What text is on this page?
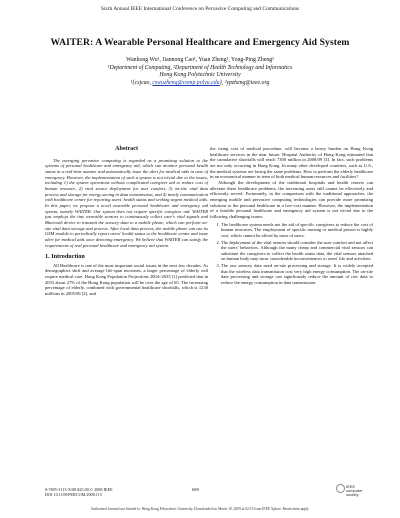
Sixth Annual IEEE International Conference on Pervasive Computing and Communications
WAITER: A Wearable Personal Healthcare and Emergency Aid System
Wanhong Wu¹, Jiannong Cao¹, Yuan Zheng¹, Yong-Ping Zheng²
¹Department of Computing, ²Department of Health Technology and Informatics
Hong Kong Polytechnic University
¹{csjcao, cswuzheng@comp.polyu.edu}, ²ypzheng@ieee.org
Abstract

The emerging pervasive computing is regarded as a promising solution to the systems of personal healthcare and emergency aid, which can monitor personal health status in a real-time manner and automatically issue the alert for medical aids in case of emergency. However, the implementation of such a system is not trivial due to the issues, including 1) the system operations without complicated caregiver aid to reduce cost of human resource, 2) vital sensor deployment for user comfort, 3) on-site vital data process and storage for energy saving in data transmission, and 4) timely communication with healthcare centre for reporting users' health status and seeking urgent medical aids. In this paper, we propose a novel wearable personal healthcare and emergency aid system, namely WAITER. Our system does not require specific caregiver aid. WAITER just employs the tiny wearable sensors to continuously collect user's vital signals and Bluetooth device to transmit the sensory data to a mobile phone, which can perform on-site vital data storage and process. After local data process, the mobile phone can use its GSM module to periodically report users' health status to the healthcare centre and issue alert for medical aids once detecting emergency. We believe that WAITER can satisfy the requirements of real personal healthcare and emergency aid system.

1. Introduction

All Healthcare is one of the most important social issues in the next few decades. As demographics shift and average life-span increases, a larger percentage of elderly will require medical care. Hong Kong Population Projections 2004~2033 [1] predicted that in 2033 about 27% of the Hong Kong population will be over the age of 65. The increasing percentage of elderly, combined with governmental healthcare shortfalls, which is 1230 millions in 2005/06 [2], and

the rising cost of medical procedure, will become a heavy burden on Hong Kong healthcare services in the near future. Hospital Authority of Hong Kong estimated that the cumulative shortfalls will reach 7300 million in 2008/09 [3]. In fact, such problems are not only occurring in Hong Kong. In many other developed countries, such as U.S., the medical systems are facing the same problems. How to perform the elderly healthcare in an economical manner in term of both medical human resources and facilities?

Although the development of the traditional hospitals and health centers can alleviate these healthcare problems, the increasing users still cannot be effectively and efficiently served. Fortunately, in the comparison with the traditional approaches, the emerging mobile and pervasive computing technologies can provide more promising solutions to the personal healthcare in a low-cost manner. However, the implementation of a feasible personal healthcare and emergency aid system is not trivial due to the following challenging issues:

1. The healthcare system needs not the aid of specific caregivers to reduce the cost of human resources. The employment of specific nursing or medical person is highly cost, which cannot be afford by most of users.
2. The deployment of the vital sensors should consider the user comfort and not affect the users' behaviors. Although the many cheap and commercial vital sensors can substitute the caregivers to collect the health status data, the vital sensors attached on human body may incur considerable inconveniences to users' life and activities.
3. The raw sensory data need on-site processing and storage. It is widely accepted that the wireless data transmission cost very high energy consumption. The on-site data processing and storage can significantly reduce the amount of raw data to reduce the energy consumption in data transmission.
0-7695-3113-X/08 $25.00 © 2008 IEEE
DOI 10.1109/PERCOM.2008.115
680
IEEE
computer
society
Authorized licensed use limited to: Hong Kong Polytechnic University. Downloaded on March 10, 2009 at 02:19 from IEEE Xplore. Restrictions apply.
